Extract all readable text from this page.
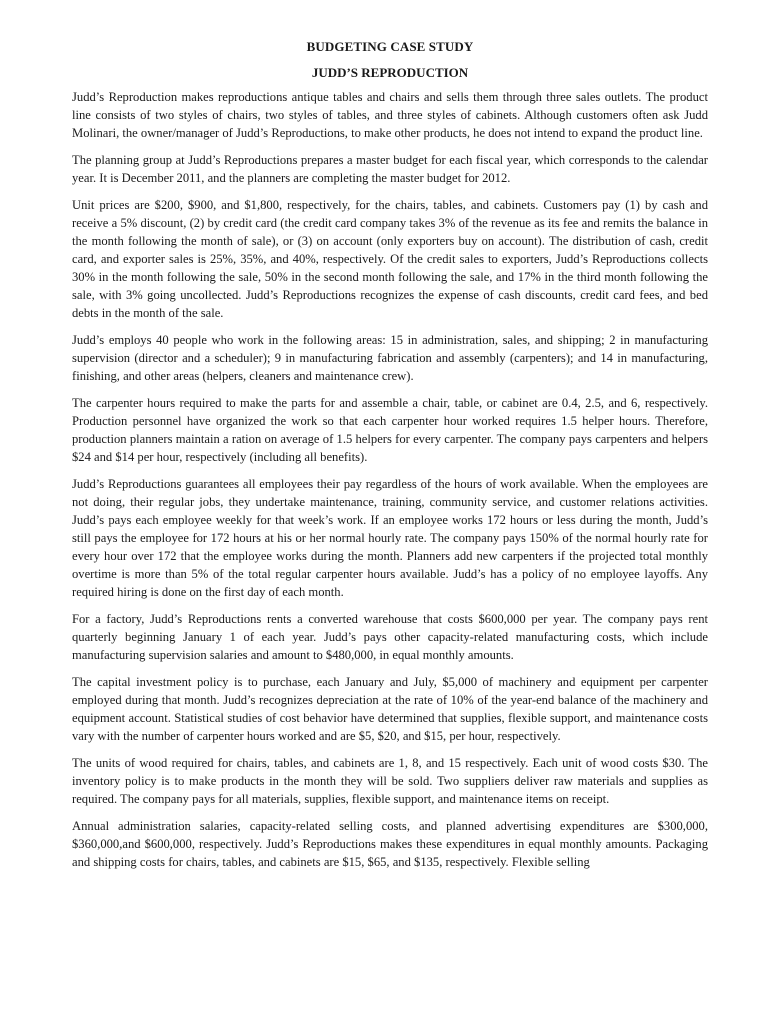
BUDGETING CASE STUDY
JUDD’S REPRODUCTION

Judd’s Reproduction makes reproductions antique tables and chairs and sells them through three sales outlets. The product line consists of two styles of chairs, two styles of tables, and three styles of cabinets. Although customers often ask Judd Molinari, the owner/manager of Judd’s Reproductions, to make other products, he does not intend to expand the product line.

The planning group at Judd’s Reproductions prepares a master budget for each fiscal year, which corresponds to the calendar year. It is December 2011, and the planners are completing the master budget for 2012.

Unit prices are $200, $900, and $1,800, respectively, for the chairs, tables, and cabinets. Customers pay (1) by cash and receive a 5% discount, (2) by credit card (the credit card company takes 3% of the revenue as its fee and remits the balance in the month following the month of sale), or (3) on account (only exporters buy on account). The distribution of cash, credit card, and exporter sales is 25%, 35%, and 40%, respectively. Of the credit sales to exporters, Judd’s Reproductions collects 30% in the month following the sale, 50% in the second month following the sale, and 17% in the third month following the sale, with 3% going uncollected. Judd’s Reproductions recognizes the expense of cash discounts, credit card fees, and bed debts in the month of the sale.

Judd’s employs 40 people who work in the following areas: 15 in administration, sales, and shipping; 2 in manufacturing supervision (director and a scheduler); 9 in manufacturing fabrication and assembly (carpenters); and 14 in manufacturing, finishing, and other areas (helpers, cleaners and maintenance crew).

The carpenter hours required to make the parts for and assemble a chair, table, or cabinet are 0.4, 2.5, and 6, respectively. Production personnel have organized the work so that each carpenter hour worked requires 1.5 helper hours. Therefore, production planners maintain a ration on average of 1.5 helpers for every carpenter. The company pays carpenters and helpers $24 and $14 per hour, respectively (including all benefits).

Judd’s Reproductions guarantees all employees their pay regardless of the hours of work available. When the employees are not doing, their regular jobs, they undertake maintenance, training, community service, and customer relations activities. Judd’s pays each employee weekly for that week’s work. If an employee works 172 hours or less during the month, Judd’s still pays the employee for 172 hours at his or her normal hourly rate. The company pays 150% of the normal hourly rate for every hour over 172 that the employee works during the month. Planners add new carpenters if the projected total monthly overtime is more than 5% of the total regular carpenter hours available. Judd’s has a policy of no employee layoffs. Any required hiring is done on the first day of each month.

For a factory, Judd’s Reproductions rents a converted warehouse that costs $600,000 per year. The company pays rent quarterly beginning January 1 of each year. Judd’s pays other capacity-related manufacturing costs, which include manufacturing supervision salaries and amount to $480,000, in equal monthly amounts.

The capital investment policy is to purchase, each January and July, $5,000 of machinery and equipment per carpenter employed during that month. Judd’s recognizes depreciation at the rate of 10% of the year-end balance of the machinery and equipment account. Statistical studies of cost behavior have determined that supplies, flexible support, and maintenance costs vary with the number of carpenter hours worked and are $5, $20, and $15, per hour, respectively.

The units of wood required for chairs, tables, and cabinets are 1, 8, and 15 respectively. Each unit of wood costs $30. The inventory policy is to make products in the month they will be sold. Two suppliers deliver raw materials and supplies as required. The company pays for all materials, supplies, flexible support, and maintenance items on receipt.

Annual administration salaries, capacity-related selling costs, and planned advertising expenditures are $300,000, $360,000,and $600,000, respectively. Judd’s Reproductions makes these expenditures in equal monthly amounts. Packaging and shipping costs for chairs, tables, and cabinets are $15, $65, and $135, respectively. Flexible selling
